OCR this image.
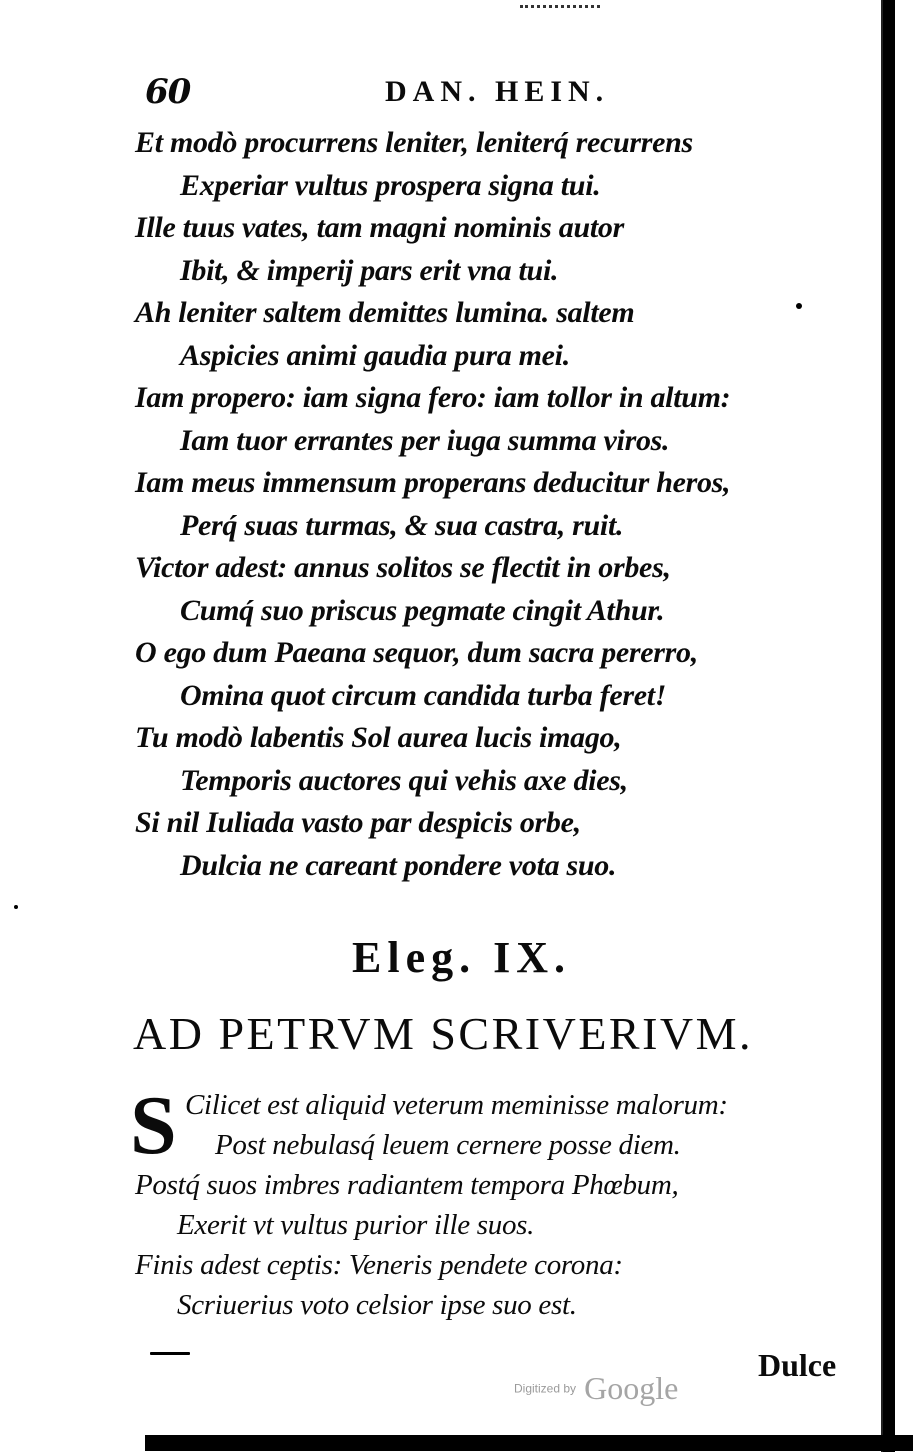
60	DAN. HEIN.
Et modò procurrens leniter, leniterq́ recurrens
Experiar vultus prospera signa tui.
Ille tuus vates, tam magni nominis autor
Ibit, & imperij pars erit vna tui.
Ah leniter saltem demittes lumina. saltem
Aspicies animi gaudia pura mei.
Iam propero: iam signa fero: iam tollor in altum:
Iam tuor errantes per iuga summa viros.
Iam meus immensum properans deducitur heros,
Perq́ suas turmas, & sua castra, ruit.
Victor adest: annus solitos se flectit in orbes,
Cumq́ suo priscus pegmate cingit Athur.
O ego dum Paeana sequor, dum sacra pererro,
Omina quot circum candida turba feret!
Tu modò labentis Sol aurea lucis imago,
Temporis auctores qui vehis axe dies,
Si nil Iuliada vasto par despicis orbe,
Dulcia ne careant pondere vota suo.
Eleg. IX.
AD PETRVM SCRIVERIVM.
S Cilicet est aliquid veterum meminisse malorum:
Post nebulasq́ leuem cernere posse diem.
Postq́ suos imbres radiantem tempora Phœbum,
Exerit vt vultus purior ille suos.
Finis adest ceptis: Veneris pendete corona:
Scriuerius voto celsior ipse suo est.
Dulce
Digitized by Google
